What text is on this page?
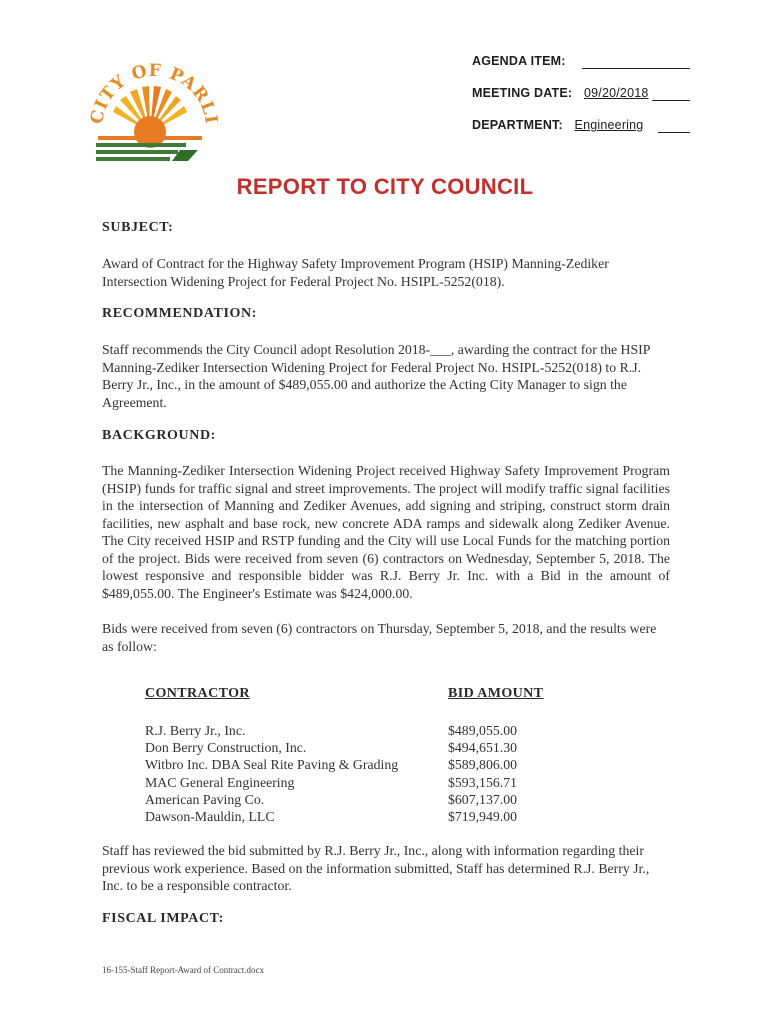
CITY OF PARLI
AGENDA ITEM:
MEETING DATE: 09/20/2018
DEPARTMENT: Engineering
REPORT TO CITY COUNCIL
SUBJECT:
Award of Contract for the Highway Safety Improvement Program (HSIP) Manning-Zediker Intersection Widening Project for Federal Project No. HSIPL-5252(018).
RECOMMENDATION:
Staff recommends the City Council adopt Resolution 2018-___, awarding the contract for the HSIP Manning-Zediker Intersection Widening Project for Federal Project No. HSIPL-5252(018) to R.J. Berry Jr., Inc., in the amount of $489,055.00 and authorize the Acting City Manager to sign the Agreement.
BACKGROUND:
The Manning-Zediker Intersection Widening Project received Highway Safety Improvement Program (HSIP) funds for traffic signal and street improvements. The project will modify traffic signal facilities in the intersection of Manning and Zediker Avenues, add signing and striping, construct storm drain facilities, new asphalt and base rock, new concrete ADA ramps and sidewalk along Zediker Avenue. The City received HSIP and RSTP funding and the City will use Local Funds for the matching portion of the project. Bids were received from seven (6) contractors on Wednesday, September 5, 2018. The lowest responsive and responsible bidder was R.J. Berry Jr. Inc. with a Bid in the amount of $489,055.00. The Engineer's Estimate was $424,000.00.
Bids were received from seven (6) contractors on Thursday, September 5, 2018, and the results were as follow:
CONTRACTOR	BID AMOUNT
R.J. Berry Jr., Inc.
Don Berry Construction, Inc.
Witbro Inc. DBA Seal Rite Paving & Grading
MAC General Engineering
American Paving Co.
Dawson-Mauldin, LLC
$489,055.00
$494,651.30
$589,806.00
$593,156.71
$607,137.00
$719,949.00
Staff has reviewed the bid submitted by R.J. Berry Jr., Inc., along with information regarding their previous work experience. Based on the information submitted, Staff has determined R.J. Berry Jr., Inc. to be a responsible contractor.
FISCAL IMPACT:
16-155-Staff Report-Award of Contract.docx
